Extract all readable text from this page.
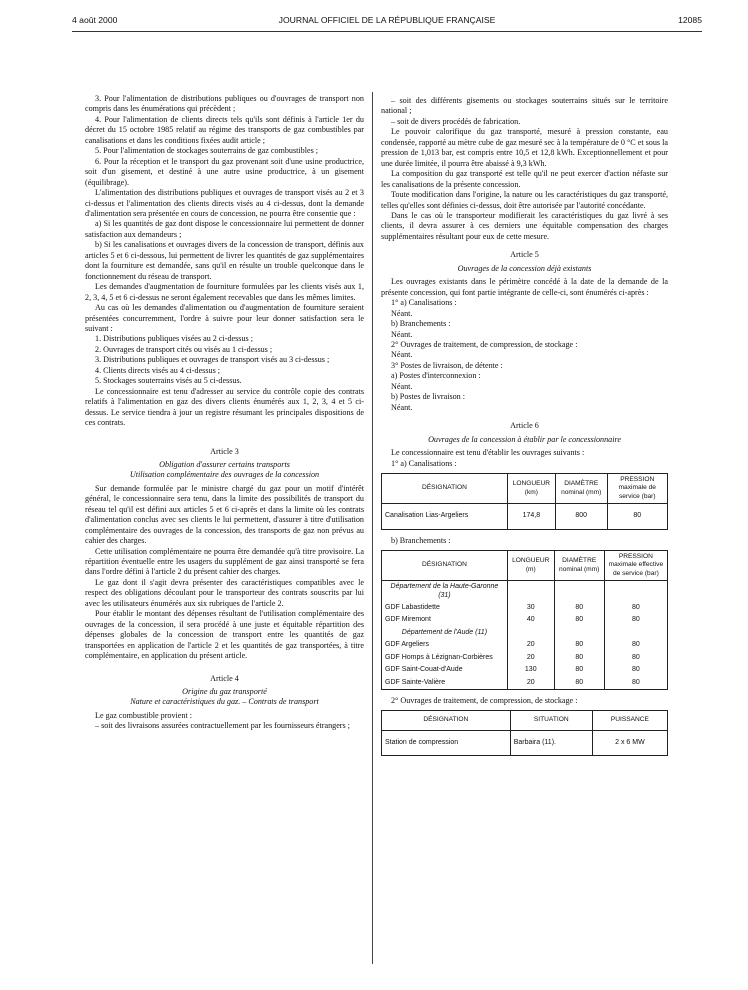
4 août 2000	JOURNAL OFFICIEL DE LA RÉPUBLIQUE FRANÇAISE	12085

3. Pour l'alimentation de distributions publiques ou d'ouvrages de transport non compris dans les énumérations qui précèdent ;

4. Pour l'alimentation de clients directs tels qu'ils sont définis à l'article 1er du décret du 15 octobre 1985 relatif au régime des transports de gaz combustibles par canalisations et dans les conditions fixées audit article ;

5. Pour l'alimentation de stockages souterrains de gaz combustibles ;

6. Pour la réception et le transport du gaz provenant soit d'une usine productrice, soit d'un gisement, et destiné à une autre usine productrice, à un gisement (équilibrage).

L'alimentation des distributions publiques et ouvrages de transport visés au 2 et 3 ci-dessus et l'alimentation des clients directs visés au 4 ci-dessus, dont la demande d'alimentation sera présentée en cours de concession, ne pourra être consentie que :

a) Si les quantités de gaz dont dispose le concessionnaire lui permettent de donner satisfaction aux demandeurs ;

b) Si les canalisations et ouvrages divers de la concession de transport, définis aux articles 5 et 6 ci-dessous, lui permettent de livrer les quantités de gaz supplémentaires dont la fourniture est demandée, sans qu'il en résulte un trouble quelconque dans le fonctionnement du réseau de transport.

Les demandes d'augmentation de fourniture formulées par les clients visés aux 1, 2, 3, 4, 5 et 6 ci-dessus ne seront également recevables que dans les mêmes limites.

Au cas où les demandes d'alimentation ou d'augmentation de fourniture seraient présentées concurremment, l'ordre à suivre pour leur donner satisfaction sera le suivant :

1. Distributions publiques visées au 2 ci-dessus ;

2. Ouvrages de transport cités ou visés au 1 ci-dessus ;

3. Distributions publiques et ouvrages de transport visés au 3 ci-dessus ;

4. Clients directs visés au 4 ci-dessus ;

5. Stockages souterrains visés au 5 ci-dessus.

Le concessionnaire est tenu d'adresser au service du contrôle copie des contrats relatifs à l'alimentation en gaz des divers clients énumérés aux 1, 2, 3, 4 et 5 ci-dessus. Le service tiendra à jour un registre résumant les principales dispositions de ces contrats.

Article 3

Obligation d'assurer certains transports

Utilisation complémentaire des ouvrages de la concession

Sur demande formulée par le ministre chargé du gaz pour un motif d'intérêt général, le concessionnaire sera tenu, dans la limite des possibilités de transport du réseau tel qu'il est défini aux articles 5 et 6 ci-après et dans la limite où les contrats d'alimentation conclus avec ses clients le lui permettent, d'assurer à titre d'utilisation complémentaire des ouvrages de la concession, des transports de gaz non prévus au cahier des charges.

Cette utilisation complémentaire ne pourra être demandée qu'à titre provisoire. La répartition éventuelle entre les usagers du supplément de gaz ainsi transporté se fera dans l'ordre défini à l'article 2 du présent cahier des charges.

Le gaz dont il s'agit devra présenter des caractéristiques compatibles avec le respect des obligations découlant pour le transporteur des contrats souscrits par lui avec les utilisateurs énumérés aux six rubriques de l'article 2.

Pour établir le montant des dépenses résultant de l'utilisation complémentaire des ouvrages de la concession, il sera procédé à une juste et équitable répartition des dépenses globales de la concession de transport entre les quantités de gaz transportées en application de l'article 2 et les quantités de gaz transportées, à titre complémentaire, en application du présent article.

Article 4

Origine du gaz transporté

Nature et caractéristiques du gaz. – Contrats de transport

Le gaz combustible provient :

– soit des livraisons assurées contractuellement par les fournisseurs étrangers ;

– soit des différents gisements ou stockages souterrains situés sur le territoire national ;

– soit de divers procédés de fabrication.

Le pouvoir calorifique du gaz transporté, mesuré à pression constante, eau condensée, rapporté au mètre cube de gaz mesuré sec à la température de 0 °C et sous la pression de 1,013 bar, est compris entre 10,5 et 12,8 kWh. Exceptionnellement et pour une durée limitée, il pourra être abaissé à 9,3 kWh.

La composition du gaz transporté est telle qu'il ne peut exercer d'action néfaste sur les canalisations de la présente concession.

Toute modification dans l'origine, la nature ou les caractéristiques du gaz transporté, telles qu'elles sont définies ci-dessus, doit être autorisée par l'autorité concédante.

Dans le cas où le transporteur modifierait les caractéristiques du gaz livré à ses clients, il devra assurer à ces derniers une équitable compensation des charges supplémentaires résultant pour eux de cette mesure.

Article 5

Ouvrages de la concession déjà existants

Les ouvrages existants dans le périmètre concédé à la date de la demande de la présente concession, qui font partie intégrante de celle-ci, sont énumérés ci-après :

1° a) Canalisations :

Néant.

b) Branchements :

Néant.

2° Ouvrages de traitement, de compression, de stockage :

Néant.

3° Postes de livraison, de détente :

a) Postes d'interconnexion :

Néant.

b) Postes de livraison :

Néant.

Article 6

Ouvrages de la concession à établir par le concessionnaire

Le concessionnaire est tenu d'établir les ouvrages suivants :

1° a) Canalisations :

DÉSIGNATION	LONGUEUR (km)	DIAMÈTRE nominal (mm)	PRESSION maximale de service (bar)
Canalisation Lias-Argeliers	174,8	800	80

b) Branchements :

DÉSIGNATION	LONGUEUR (m)	DIAMÈTRE nominal (mm)	PRESSION maximale effective de service (bar)
Département de la Haute-Garonne (31)			
GDF Labastidette	30	80	80
GDF Miremont	40	80	80
Département de l'Aude (11)			
GDF Argeliers	20	80	80
GDF Homps à Lézignan-Corbières	20	80	80
GDF Saint-Couat-d'Aude	130	80	80
GDF Sainte-Valière	20	80	80

2° Ouvrages de traitement, de compression, de stockage :

DÉSIGNATION	SITUATION	PUISSANCE
Station de compression	Barbaira (11).	2 x 6 MW
